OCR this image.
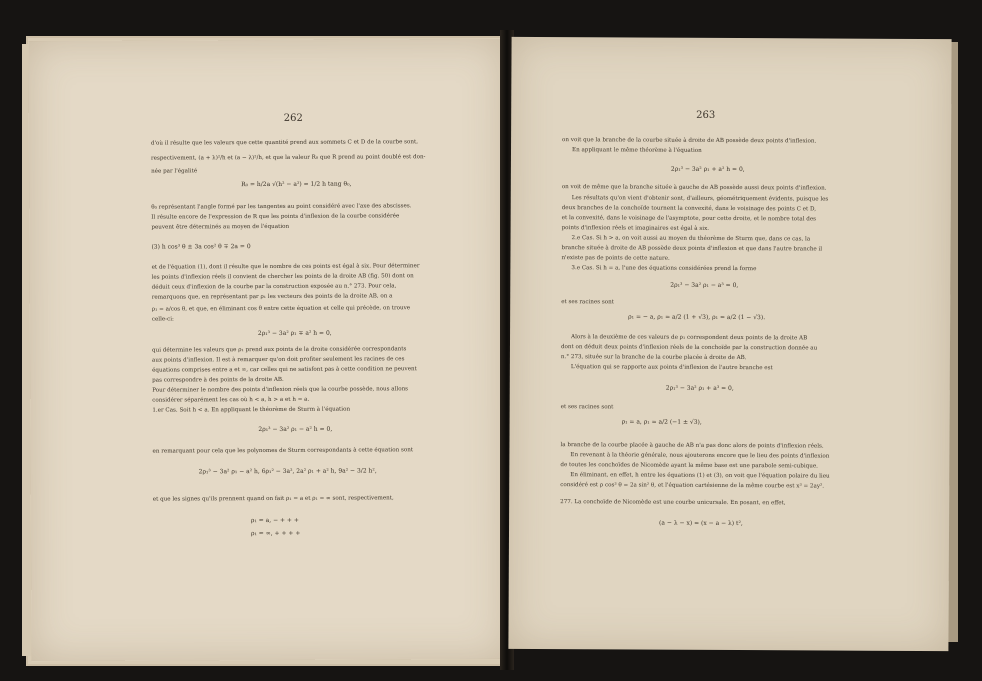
262
d'où il résulte que les valeurs que cette quantité prend aux sommets C et D de la courbe sont,
respectivement, (a + λ)²/h et (a − λ)²/h, et que la valeur R₀ que R prend au point doublé est don-
née par l'égalité
R₀ = h/2a √(h² − a²) = 1/2 h tang θ₀,
θ₀ représentant l'angle formé par les tangentes au point considéré avec l'axe des abscisses.
Il résulte encore de l'expression de R que les points d'inflexion de la courbe considérée
peuvent être déterminés au moyen de l'équation
(3) h cos³ θ ± 3a cos² θ ∓ 2a = 0
et de l'équation (1), dont il résulte que le nombre de ces points est égal à six. Pour déterminer
les points d'inflexion réels il convient de chercher les points de la droite AB (fig. 50) dont on
déduit ceux d'inflexion de la courbe par la construction exposée au n.° 273. Pour cela,
remarquons que, en représentant par ρ₁ les vecteurs des points de la droite AB, on a
ρ₁ = a/cos θ, et que, en éliminant cos θ entre cette équation et celle qui précède, on trouve
celle-ci:
2ρ₁³ − 3a² ρ₁ ∓ a² h = 0,
qui détermine les valeurs que ρ₁ prend aux points de la droite considérée correspondants
aux points d'inflexion. Il est à remarquer qu'on doit profiter seulement les racines de ces
équations comprises entre a et ∞, car celles qui ne satisfont pas à cette condition ne peuvent
pas correspondre à des points de la droite AB.
Pour déterminer le nombre des points d'inflexion réels que la courbe possède, nous allons
considérer séparément les cas où h < a, h > a et h = a.
1.er Cas. Soit h < a. En appliquant le théorème de Sturm à l'équation
2ρ₁³ − 3a² ρ₁ − a² h = 0,
en remarquant pour cela que les polynomes de Sturm correspondants à cette équation sont
2ρ₁³ − 3a² ρ₁ − a² h, 6ρ₁² − 3a², 2a² ρ₁ + a² h, 9a² − 3/2 h²,
et que les signes qu'ils prennent quand on fait ρ₁ = a et ρ₁ = ∞ sont, respectivement,
ρ₁ = a, − + + +
ρ₁ = ∞, + + + +
263
on voit que la branche de la courbe située à droite de AB possède deux points d'inflexion.
En appliquant le même théorème à l'équation
2ρ₁³ − 3a² ρ₁ + a² h = 0,
on voit de même que la branche située à gauche de AB possède aussi deux points d'inflexion.
Les résultats qu'on vient d'obtenir sont, d'ailleurs, géométriquement évidents, puisque les
deux branches de la conchoïde tournent la convexité, dans le voisinage des points C et D,
et la convexité, dans le voisinage de l'asymptote, pour cette droite, et le nombre total des
points d'inflexion réels et imaginaires est égal à six.
2.e Cas. Si h > a, on voit aussi au moyen du théorème de Sturm que, dans ce cas, la
branche située à droite de AB possède deux points d'inflexion et que dans l'autre branche il
n'existe pas de points de cette nature.
3.e Cas. Si h = a, l'une des équations considérées prend la forme
2ρ₁³ − 3a² ρ₁ − a³ = 0,
et ses racines sont
ρ₁ = − a, ρ₁ = a/2 (1 + √3), ρ₁ = a/2 (1 − √3).
Alors à la deuxième de ces valeurs de ρ₁ correspondent deux points de la droite AB
dont on déduit deux points d'inflexion réels de la conchoïde par la construction donnée au
n.° 273, située sur la branche de la courbe placée à droite de AB.
L'équation qui se rapporte aux points d'inflexion de l'autre branche est
2ρ₁³ − 3a² ρ₁ + a³ = 0,
et ses racines sont
ρ₁ = a, ρ₁ = a/2 (−1 ± √3),
la branche de la courbe placée à gauche de AB n'a pas donc alors de points d'inflexion réels.
En revenant à la théorie générale, nous ajouterons encore que le lieu des points d'inflexion
de toutes les conchoïdes de Nicomède ayant la même base est une parabole semi-cubique.
En éliminant, en effet, h entre les équations (1) et (3), on voit que l'équation polaire du lieu
considéré est ρ cos³ θ = 2a sin² θ, et l'équation cartésienne de la même courbe est x³ = 2ay².
277. La conchoïde de Nicomède est une courbe unicursale. En posant, en effet,
(a − λ − x) = (x − a − λ) t²,
